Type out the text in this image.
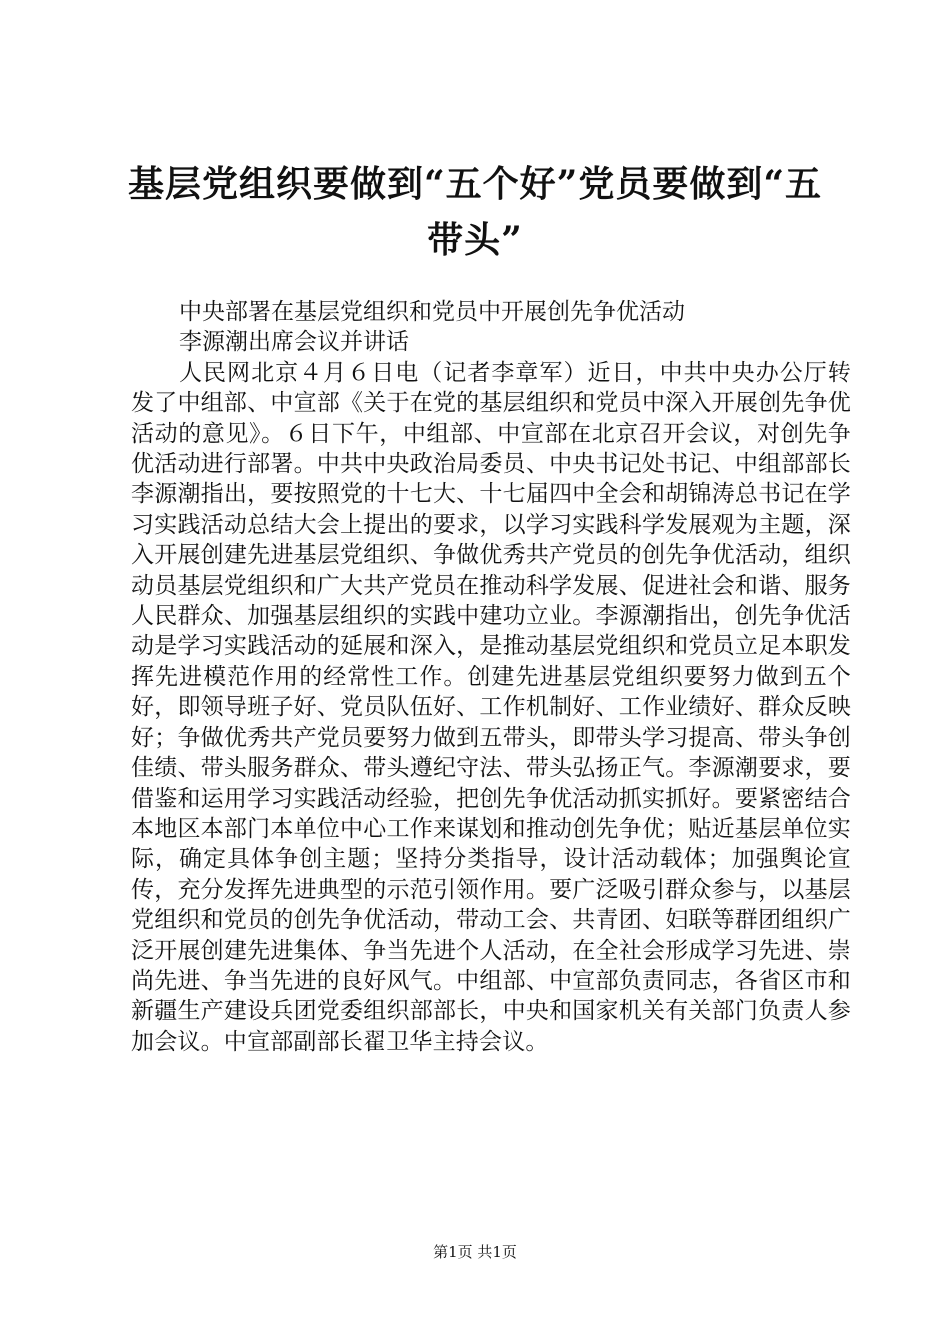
基层党组织要做到“五个好”党员要做到“五
带头”
中央部署在基层党组织和党员中开展创先争优活动
李源潮出席会议并讲话
人民网北京４月６日电（记者李章军）近日，中共中央办公厅转发了中组部、中宣部《关于在党的基层组织和党员中深入开展创先争优活动的意见》。６日下午，中组部、中宣部在北京召开会议，对创先争优活动进行部署。中共中央政治局委员、中央书记处书记、中组部部长李源潮指出，要按照党的十七大、十七届四中全会和胡锦涛总书记在学习实践活动总结大会上提出的要求，以学习实践科学发展观为主题，深入开展创建先进基层党组织、争做优秀共产党员的创先争优活动，组织动员基层党组织和广大共产党员在推动科学发展、促进社会和谐、服务人民群众、加强基层组织的实践中建功立业。李源潮指出，创先争优活动是学习实践活动的延展和深入，是推动基层党组织和党员立足本职发挥先进模范作用的经常性工作。创建先进基层党组织要努力做到五个好，即领导班子好、党员队伍好、工作机制好、工作业绩好、群众反映好；争做优秀共产党员要努力做到五带头，即带头学习提高、带头争创佳绩、带头服务群众、带头遵纪守法、带头弘扬正气。李源潮要求，要借鉴和运用学习实践活动经验，把创先争优活动抓实抓好。要紧密结合本地区本部门本单位中心工作来谋划和推动创先争优；贴近基层单位实际，确定具体争创主题；坚持分类指导，设计活动载体；加强舆论宣传，充分发挥先进典型的示范引领作用。要广泛吸引群众参与，以基层党组织和党员的创先争优活动，带动工会、共青团、妇联等群团组织广泛开展创建先进集体、争当先进个人活动，在全社会形成学习先进、崇尚先进、争当先进的良好风气。中组部、中宣部负责同志，各省区市和新疆生产建设兵团党委组织部部长，中央和国家机关有关部门负责人参加会议。中宣部副部长翟卫华主持会议。
第1页 共1页
